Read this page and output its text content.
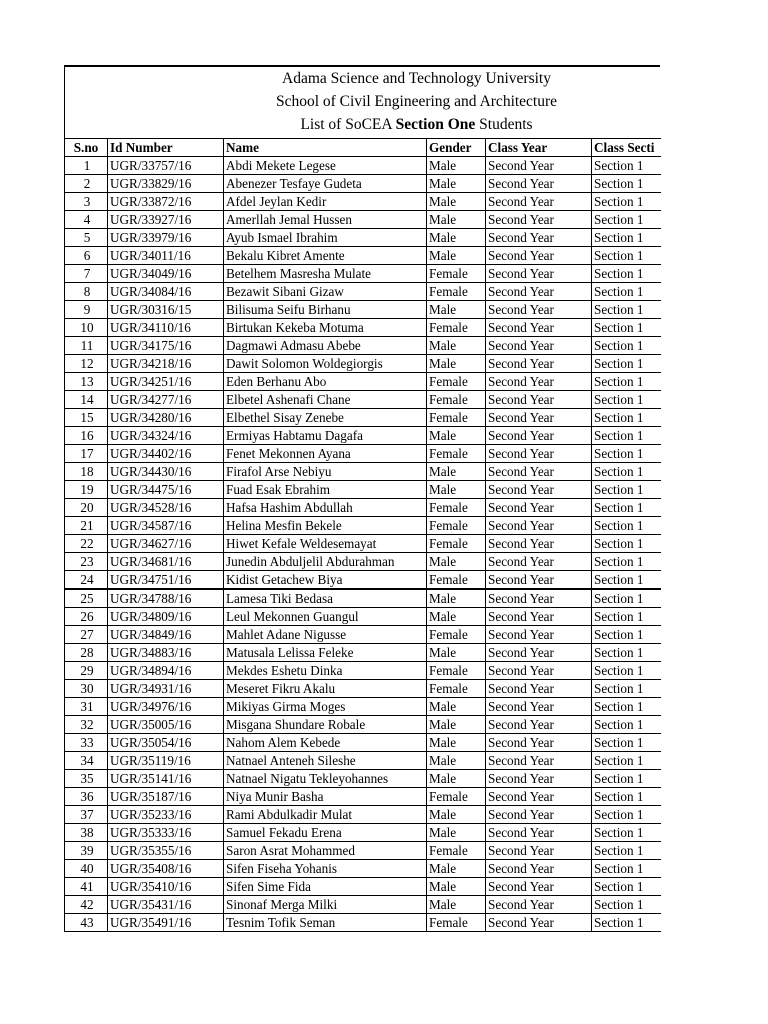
Adama Science and Technology University
School of Civil Engineering and Architecture
List of SoCEA Section One Students
S.no	Id Number	Name	Gender	Class Year	Class Secti
1	UGR/33757/16	Abdi Mekete Legese	Male	Second Year	Section 1
2	UGR/33829/16	Abenezer Tesfaye Gudeta	Male	Second Year	Section 1
3	UGR/33872/16	Afdel Jeylan Kedir	Male	Second Year	Section 1
4	UGR/33927/16	Amerllah Jemal Hussen	Male	Second Year	Section 1
5	UGR/33979/16	Ayub Ismael Ibrahim	Male	Second Year	Section 1
6	UGR/34011/16	Bekalu Kibret Amente	Male	Second Year	Section 1
7	UGR/34049/16	Betelhem Masresha Mulate	Female	Second Year	Section 1
8	UGR/34084/16	Bezawit Sibani Gizaw	Female	Second Year	Section 1
9	UGR/30316/15	Bilisuma Seifu Birhanu	Male	Second Year	Section 1
10	UGR/34110/16	Birtukan Kekeba Motuma	Female	Second Year	Section 1
11	UGR/34175/16	Dagmawi Admasu Abebe	Male	Second Year	Section 1
12	UGR/34218/16	Dawit Solomon Woldegiorgis	Male	Second Year	Section 1
13	UGR/34251/16	Eden Berhanu Abo	Female	Second Year	Section 1
14	UGR/34277/16	Elbetel Ashenafi Chane	Female	Second Year	Section 1
15	UGR/34280/16	Elbethel Sisay Zenebe	Female	Second Year	Section 1
16	UGR/34324/16	Ermiyas Habtamu Dagafa	Male	Second Year	Section 1
17	UGR/34402/16	Fenet Mekonnen Ayana	Female	Second Year	Section 1
18	UGR/34430/16	Firafol Arse Nebiyu	Male	Second Year	Section 1
19	UGR/34475/16	Fuad Esak Ebrahim	Male	Second Year	Section 1
20	UGR/34528/16	Hafsa Hashim Abdullah	Female	Second Year	Section 1
21	UGR/34587/16	Helina Mesfin Bekele	Female	Second Year	Section 1
22	UGR/34627/16	Hiwet Kefale Weldesemayat	Female	Second Year	Section 1
23	UGR/34681/16	Junedin Abduljelil Abdurahman	Male	Second Year	Section 1
24	UGR/34751/16	Kidist Getachew Biya	Female	Second Year	Section 1
25	UGR/34788/16	Lamesa Tiki Bedasa	Male	Second Year	Section 1
26	UGR/34809/16	Leul Mekonnen Guangul	Male	Second Year	Section 1
27	UGR/34849/16	Mahlet Adane Nigusse	Female	Second Year	Section 1
28	UGR/34883/16	Matusala Lelissa Feleke	Male	Second Year	Section 1
29	UGR/34894/16	Mekdes Eshetu Dinka	Female	Second Year	Section 1
30	UGR/34931/16	Meseret Fikru Akalu	Female	Second Year	Section 1
31	UGR/34976/16	Mikiyas Girma Moges	Male	Second Year	Section 1
32	UGR/35005/16	Misgana Shundare Robale	Male	Second Year	Section 1
33	UGR/35054/16	Nahom Alem Kebede	Male	Second Year	Section 1
34	UGR/35119/16	Natnael Anteneh Sileshe	Male	Second Year	Section 1
35	UGR/35141/16	Natnael Nigatu Tekleyohannes	Male	Second Year	Section 1
36	UGR/35187/16	Niya Munir Basha	Female	Second Year	Section 1
37	UGR/35233/16	Rami Abdulkadir Mulat	Male	Second Year	Section 1
38	UGR/35333/16	Samuel Fekadu Erena	Male	Second Year	Section 1
39	UGR/35355/16	Saron Asrat Mohammed	Female	Second Year	Section 1
40	UGR/35408/16	Sifen Fiseha Yohanis	Male	Second Year	Section 1
41	UGR/35410/16	Sifen Sime Fida	Male	Second Year	Section 1
42	UGR/35431/16	Sinonaf Merga Milki	Male	Second Year	Section 1
43	UGR/35491/16	Tesnim Tofik Seman	Female	Second Year	Section 1
